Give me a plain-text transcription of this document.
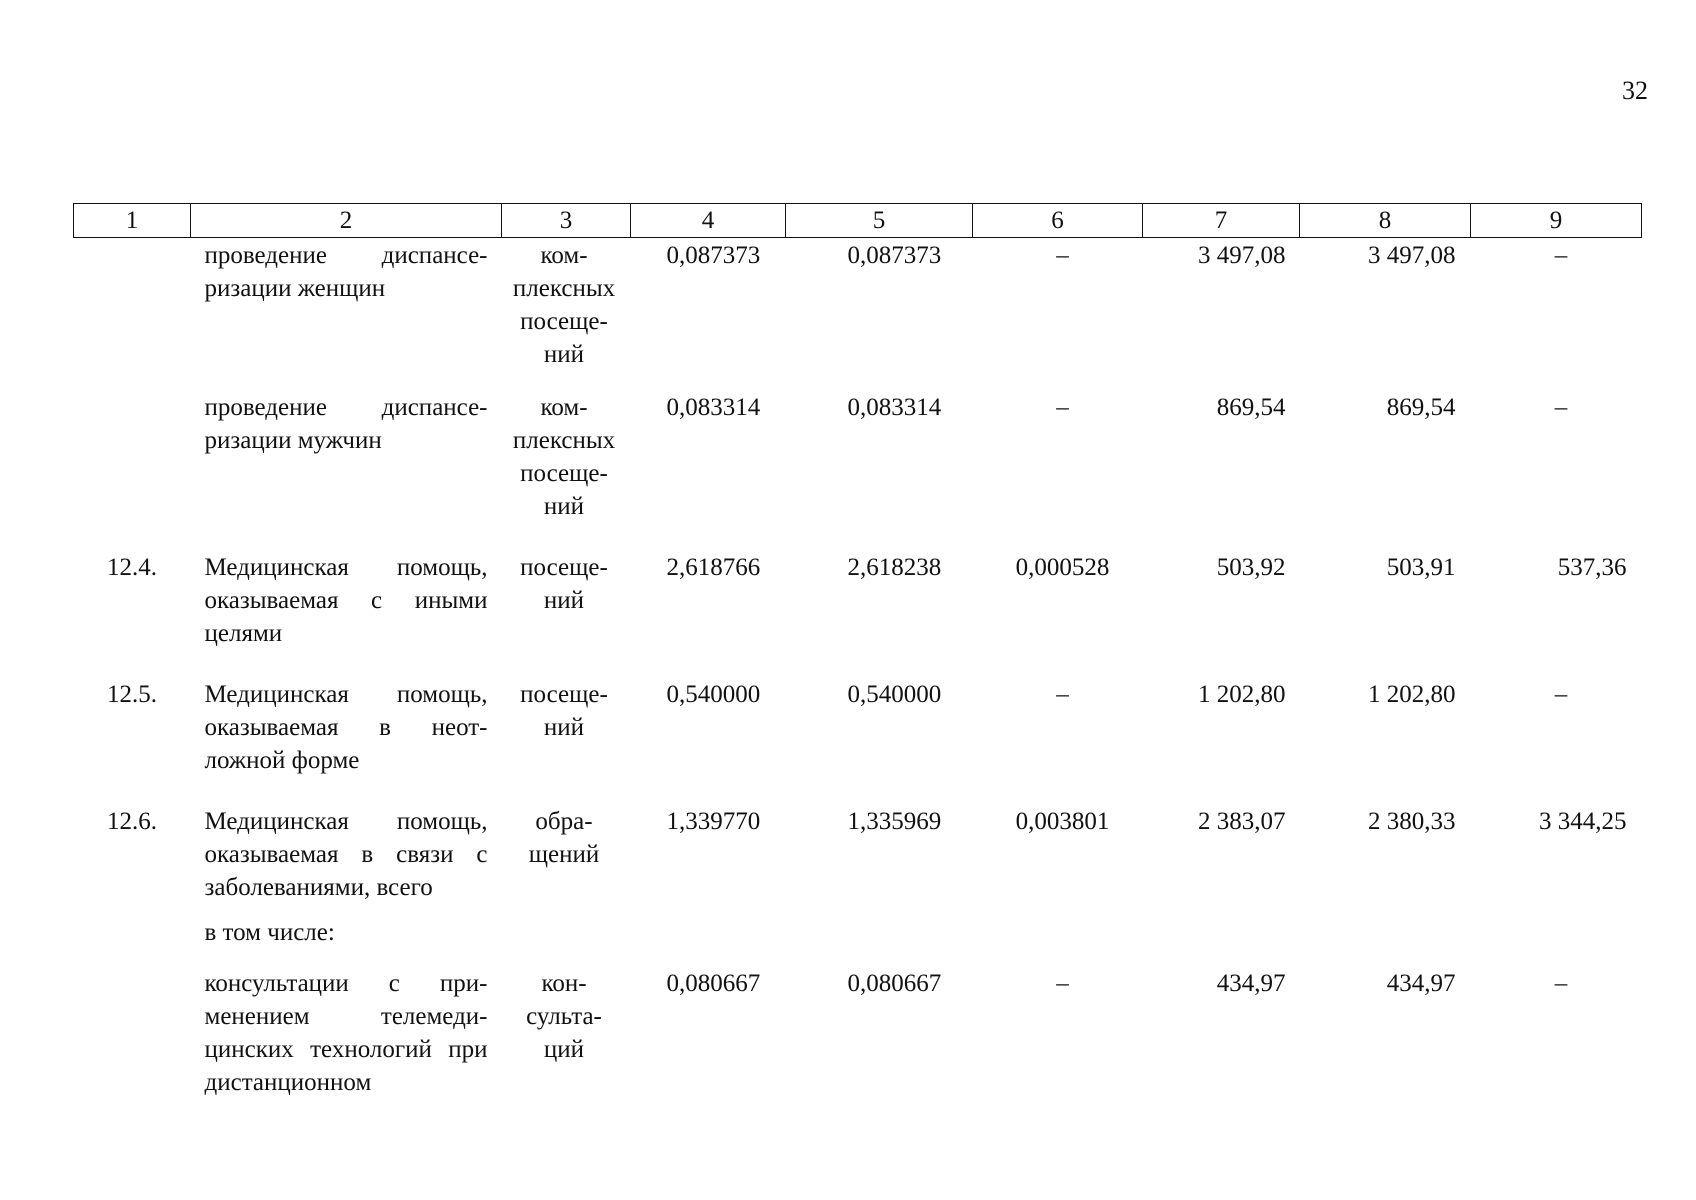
32
1	2	3	4	5	6	7	8	9
	проведение диспансе-ризации женщин	ком-плексных посеще-ний	0,087373	0,087373	–	3 497,08	3 497,08	–
	проведение диспансе-ризации мужчин	ком-плексных посеще-ний	0,083314	0,083314	–	869,54	869,54	–
12.4.	Медицинская помощь, оказываемая с иными целями	посеще-ний	2,618766	2,618238	0,000528	503,92	503,91	537,36
12.5.	Медицинская помощь, оказываемая в неот-ложной форме	посеще-ний	0,540000	0,540000	–	1 202,80	1 202,80	–
12.6.	Медицинская помощь, оказываемая в связи с заболеваниями, всего	обра-щений	1,339770	1,335969	0,003801	2 383,07	2 380,33	3 344,25
	в том числе:							
	консультации с при-менением телемеди-цинских технологий при дистанционном	кон-сульта-ций	0,080667	0,080667	–	434,97	434,97	–
